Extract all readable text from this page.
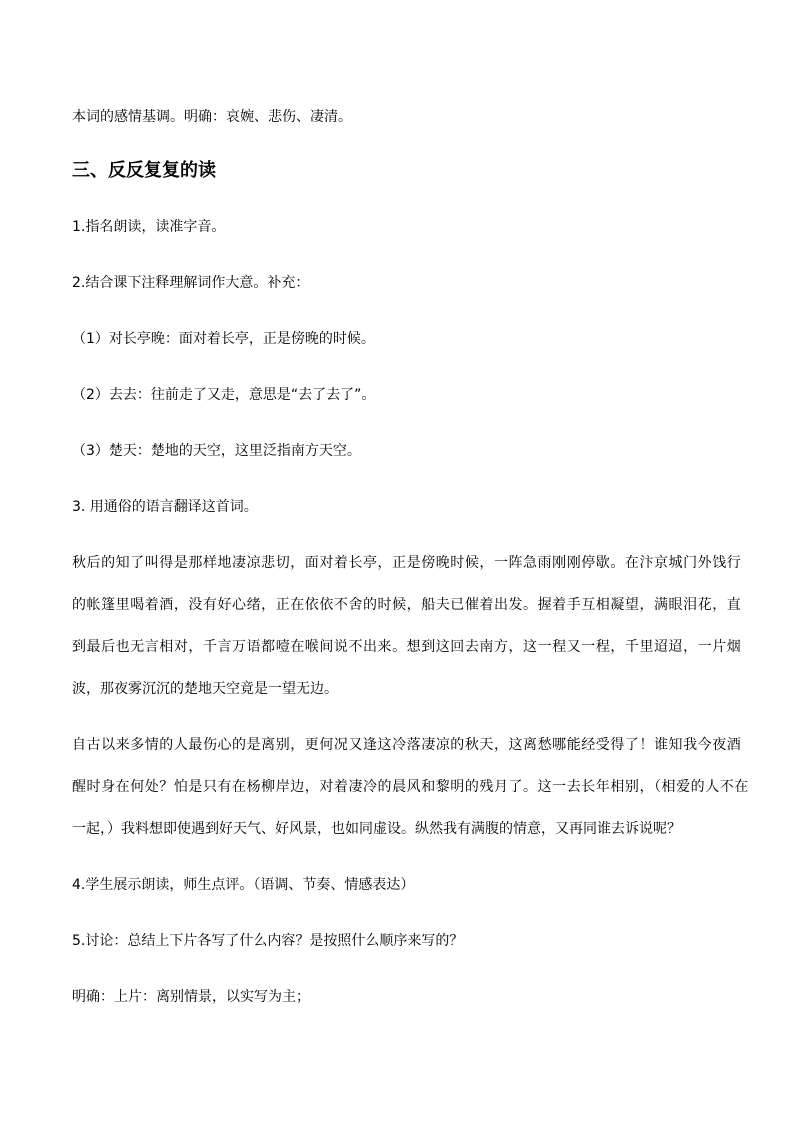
本词的感情基调。明确：哀婉、悲伤、凄清。
三、反反复复的读
1.指名朗读，读准字音。
2.结合课下注释理解词作大意。补充：
（1）对长亭晚：面对着长亭，正是傍晚的时候。
（2）去去：往前走了又走，意思是“去了去了”。
（3）楚天：楚地的天空，这里泛指南方天空。
3. 用通俗的语言翻译这首词。
秋后的知了叫得是那样地凄凉悲切，面对着长亭，正是傍晚时候，一阵急雨刚刚停歇。在汴京城门外饯行
的帐篷里喝着酒，没有好心绪，正在依依不舍的时候，船夫已催着出发。握着手互相凝望，满眼泪花，直
到最后也无言相对，千言万语都噎在喉间说不出来。想到这回去南方，这一程又一程，千里迢迢，一片烟
波，那夜雾沉沉的楚地天空竟是一望无边。
自古以来多情的人最伤心的是离别，更何况又逢这冷落凄凉的秋天，这离愁哪能经受得了！谁知我今夜酒
醒时身在何处？怕是只有在杨柳岸边，对着凄冷的晨风和黎明的残月了。这一去长年相别，（相爱的人不在
一起，）我料想即使遇到好天气、好风景，也如同虚设。纵然我有满腹的情意，又再同谁去诉说呢？
4.学生展示朗读，师生点评。（语调、节奏、情感表达）
5.讨论：总结上下片各写了什么内容？是按照什么顺序来写的？
明确：上片：离别情景，以实写为主；
